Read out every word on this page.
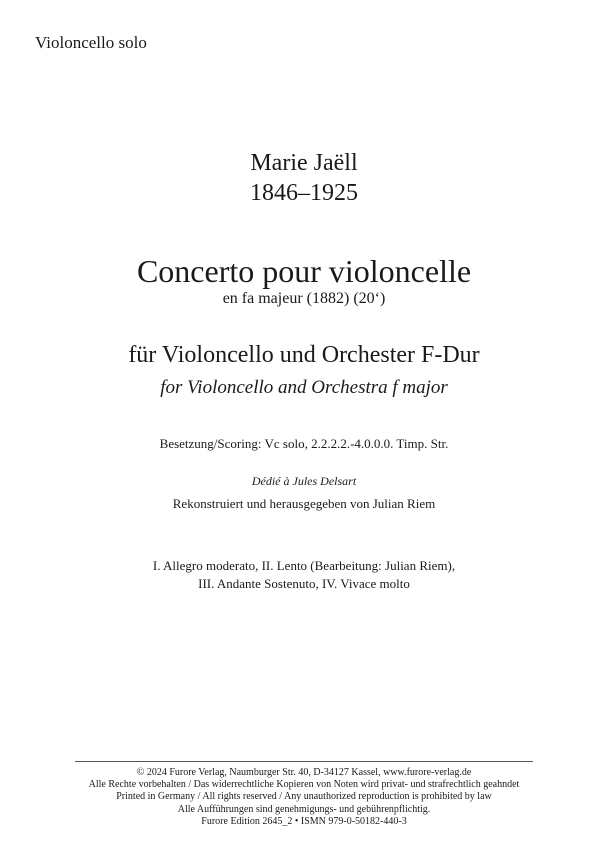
Violoncello solo
Marie Jaëll
1846–1925
Concerto pour violoncelle
en fa majeur (1882) (20‘)
für Violoncello und Orchester F-Dur
for Violoncello and Orchestra f major
Besetzung/Scoring: Vc solo, 2.2.2.2.-4.0.0.0. Timp. Str.
Dédié à Jules Delsart
Rekonstruiert und herausgegeben von Julian Riem
I. Allegro moderato, II. Lento (Bearbeitung: Julian Riem),
III. Andante Sostenuto, IV. Vivace molto
© 2024 Furore Verlag, Naumburger Str. 40, D-34127 Kassel, www.furore-verlag.de
Alle Rechte vorbehalten / Das widerrechtliche Kopieren von Noten wird privat- und strafrechtlich geahndet
Printed in Germany / All rights reserved / Any unauthorized reproduction is prohibited by law
Alle Aufführungen sind genehmigungs- und gebührenpflichtig.
Furore Edition 2645_2 • ISMN 979-0-50182-440-3
